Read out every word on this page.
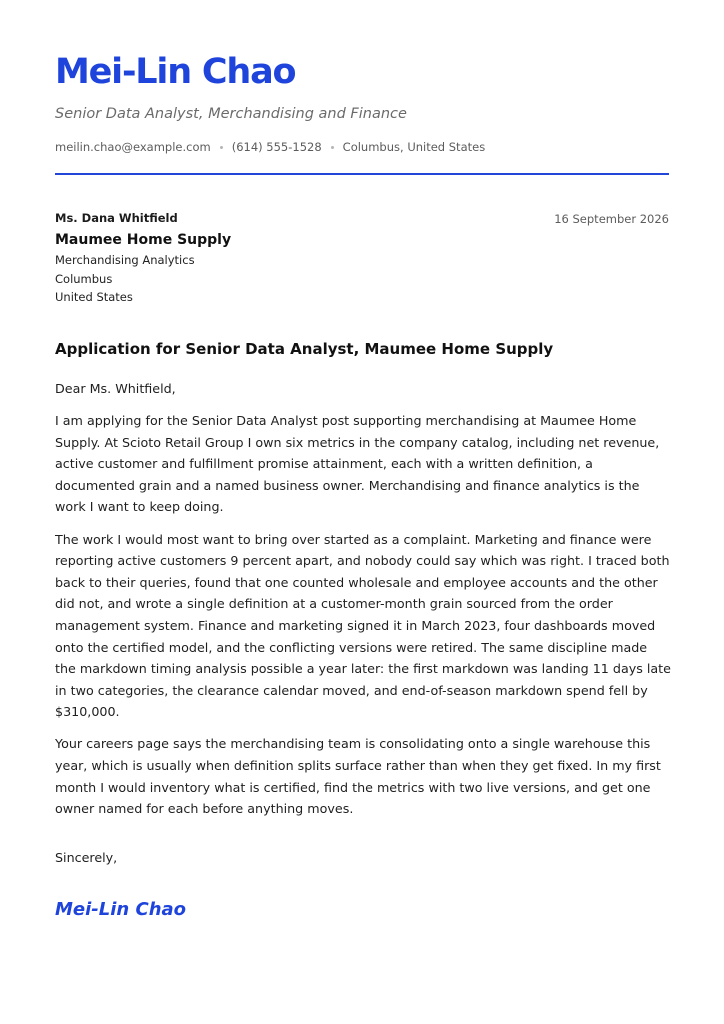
Mei-Lin Chao
Senior Data Analyst, Merchandising and Finance
meilin.chao@example.com (614) 555-1528 Columbus, United States
Ms. Dana Whitfield
Maumee Home Supply
Merchandising Analytics
Columbus
United States
16 September 2026
Application for Senior Data Analyst, Maumee Home Supply

Dear Ms. Whitfield,

I am applying for the Senior Data Analyst post supporting merchandising at Maumee Home Supply. At Scioto Retail Group I own six metrics in the company catalog, including net revenue, active customer and fulfillment promise attainment, each with a written definition, a documented grain and a named business owner. Merchandising and finance analytics is the work I want to keep doing.

The work I would most want to bring over started as a complaint. Marketing and finance were reporting active customers 9 percent apart, and nobody could say which was right. I traced both back to their queries, found that one counted wholesale and employee accounts and the other did not, and wrote a single definition at a customer-month grain sourced from the order management system. Finance and marketing signed it in March 2023, four dashboards moved onto the certified model, and the conflicting versions were retired. The same discipline made the markdown timing analysis possible a year later: the first markdown was landing 11 days late in two categories, the clearance calendar moved, and end-of-season markdown spend fell by $310,000.

Your careers page says the merchandising team is consolidating onto a single warehouse this year, which is usually when definition splits surface rather than when they get fixed. In my first month I would inventory what is certified, find the metrics with two live versions, and get one owner named for each before anything moves.

Sincerely,
Mei-Lin Chao
